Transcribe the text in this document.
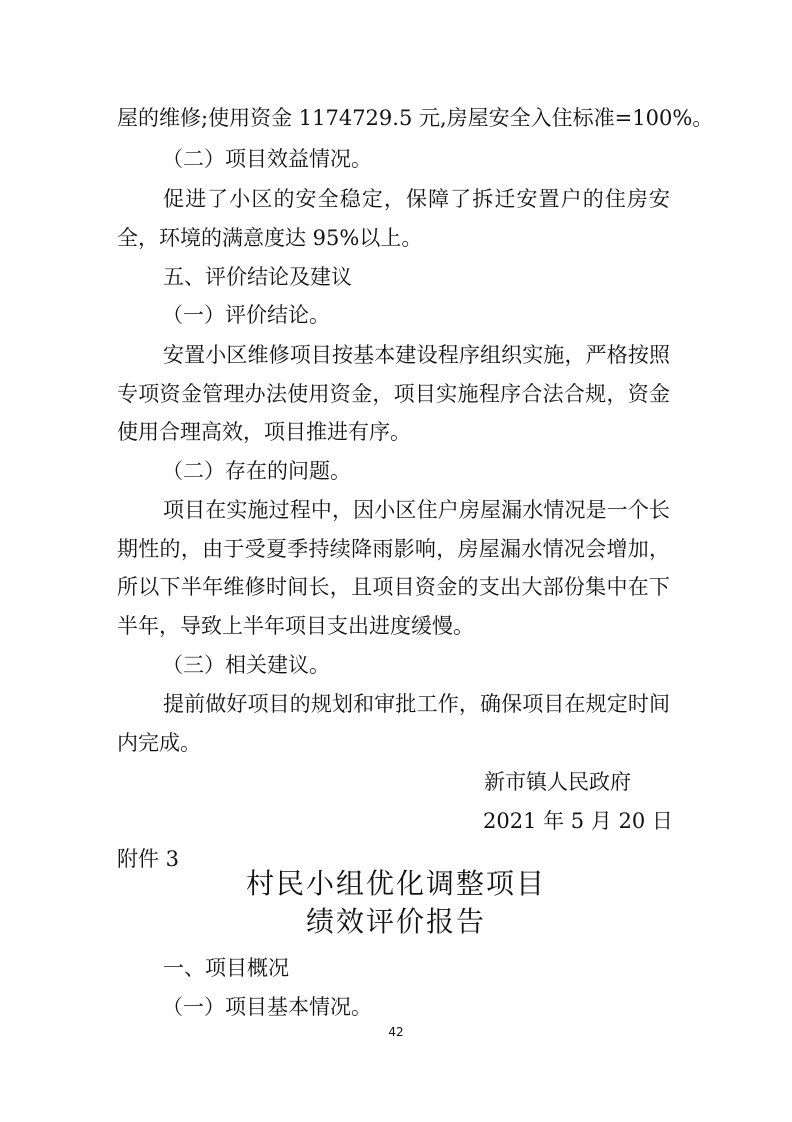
屋的维修;使用资金 1174729.5 元,房屋安全入住标准=100%。
（二）项目效益情况。
促进了小区的安全稳定，保障了拆迁安置户的住房安
全，环境的满意度达 95%以上。
五、评价结论及建议
（一）评价结论。
安置小区维修项目按基本建设程序组织实施，严格按照
专项资金管理办法使用资金，项目实施程序合法合规，资金
使用合理高效，项目推进有序。
（二）存在的问题。
项目在实施过程中，因小区住户房屋漏水情况是一个长
期性的，由于受夏季持续降雨影响，房屋漏水情况会增加，
所以下半年维修时间长，且项目资金的支出大部份集中在下
半年，导致上半年项目支出进度缓慢。
（三）相关建议。
提前做好项目的规划和审批工作，确保项目在规定时间
内完成。
新市镇人民政府
2021 年 5 月 20 日
附件 3
村民小组优化调整项目
绩效评价报告
一、项目概况
（一）项目基本情况。
42
